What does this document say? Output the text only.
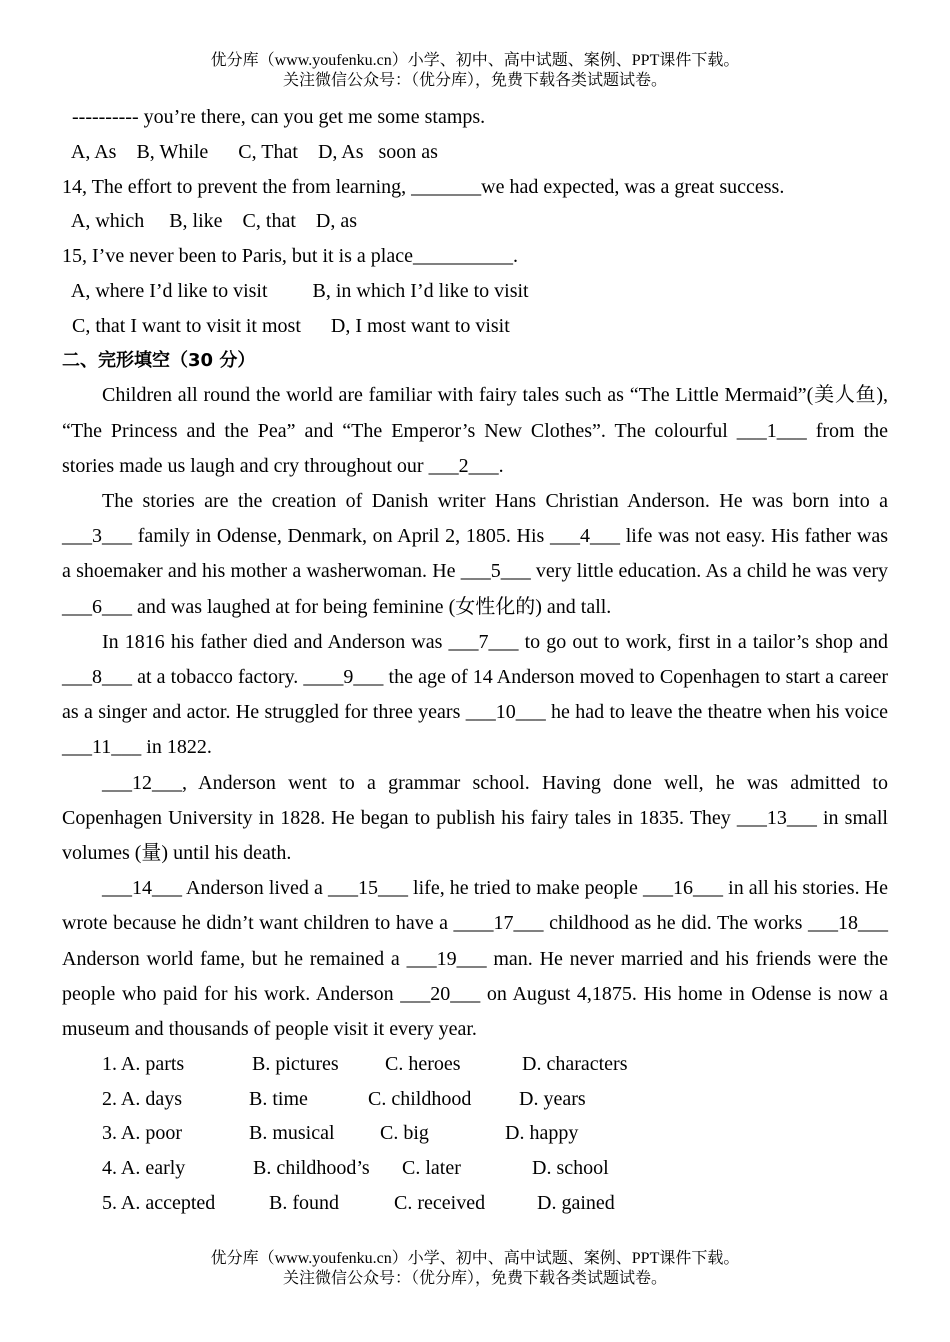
优分库（www.youfenku.cn）小学、初中、高中试题、案例、PPT课件下载。
关注微信公众号：（优分库），免费下载各类试题试卷。
---------- you’re there, can you get me some stamps.
A, As    B, While      C, That    D, As   soon as
14, The effort to prevent the from learning, _______we had expected, was a great success.
A, which     B, like    C, that    D, as
15, I’ve never been to Paris, but it is a place__________.
A, where I’d like to visit         B, in which I’d like to visit
C, that I want to visit it most      D, I most want to visit
二、完形填空（30 分）

Children all round the world are familiar with fairy tales such as “The Little Mermaid”(美人鱼), “The Princess and the Pea” and “The Emperor’s New Clothes”. The colourful ___1___ from the stories made us laugh and cry throughout our ___2___.

The stories are the creation of Danish writer Hans Christian Anderson. He was born into a ___3___ family in Odense, Denmark, on April 2, 1805. His ___4___ life was not easy. His father was a shoemaker and his mother a washerwoman. He ___5___ very little education. As a child he was very ___6___ and was laughed at for being feminine (女性化的) and tall.

In 1816 his father died and Anderson was ___7___ to go out to work, first in a tailor’s shop and ___8___ at a tobacco factory. ____9___ the age of 14 Anderson moved to Copenhagen to start a career as a singer and actor. He struggled for three years ___10___ he had to leave the theatre when his voice ___11___ in 1822.

___12___, Anderson went to a grammar school. Having done well, he was admitted to Copenhagen University in 1828. He began to publish his fairy tales in 1835. They ___13___ in small volumes (量) until his death.

___14___ Anderson lived a ___15___ life, he tried to make people ___16___ in all his stories. He wrote because he didn’t want children to have a ____17___ childhood as he did. The works ___18___ Anderson world fame, but he remained a ___19___ man. He never married and his friends were the people who paid for his work. Anderson ___20___ on August 4,1875. His home in Odense is now a museum and thousands of people visit it every year.

1. A. parts	B. pictures	C. heroes	D. characters
2. A. days	B. time	C. childhood	D. years
3. A. poor	B. musical	C. big	D. happy
4. A. early	B. childhood’s	C. later	D. school
5. A. accepted	B. found	C. received	D. gained
优分库（www.youfenku.cn）小学、初中、高中试题、案例、PPT课件下载。
关注微信公众号：（优分库），免费下载各类试题试卷。
